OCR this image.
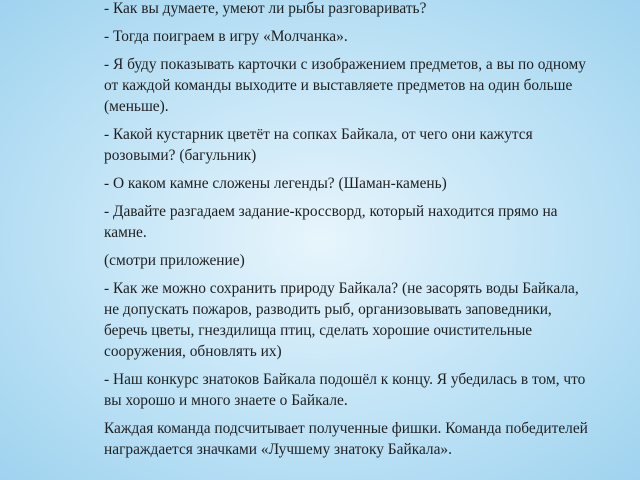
- Как вы думаете, умеют ли рыбы разговаривать?

- Тогда поиграем в игру «Молчанка».

- Я буду показывать карточки с изображением предметов, а вы по одному от каждой команды выходите и выставляете предметов на один больше (меньше).

- Какой кустарник цветёт на сопках Байкала, от чего они кажутся розовыми? (багульник)

- О каком камне сложены легенды? (Шаман-камень)

- Давайте разгадаем задание-кроссворд, который находится прямо на камне.

(смотри приложение)

- Как же можно сохранить природу Байкала? (не засорять воды Байкала, не допускать пожаров, разводить рыб, организовывать заповедники, беречь цветы, гнездилища птиц, сделать хорошие очистительные сооружения, обновлять их)

- Наш конкурс знатоков Байкала подошёл к концу. Я убедилась в том, что вы хорошо и много знаете о Байкале.

Каждая команда подсчитывает полученные фишки. Команда победителей награждается значками «Лучшему знатоку Байкала».
